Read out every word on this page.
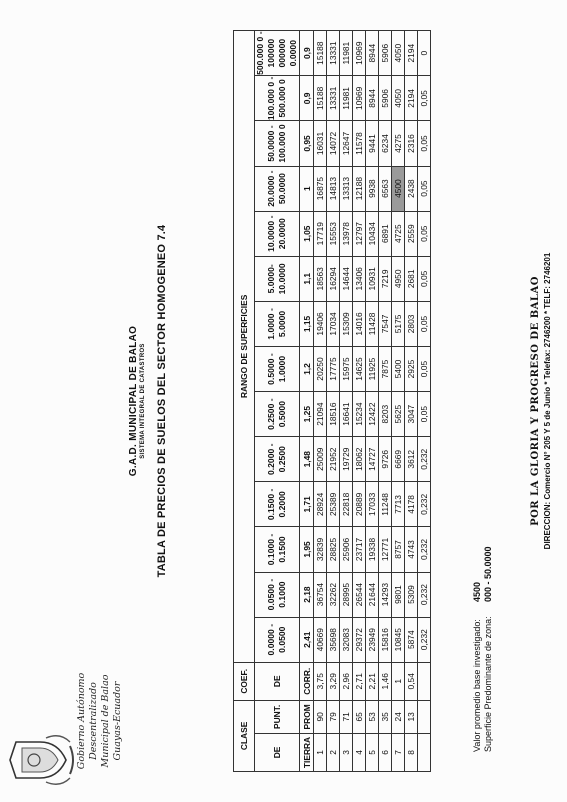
Gobierno Autónomo Descentralizado Municipal de Balao Guayas-Ecuador
G.A.D. MUNICIPAL DE BALAO SISTEMA INTEGRAL DE CATASTROS TABLA DE PRECIOS DE SUELOS DEL SECTOR HOMOGENEO 7.4
CLASE		COEF.	RANGO DE SUPERFICIES													
DE	PUNT.	DE	0.0000 - 0.0500	0.0500 - 0.1000	0.1000 - 0.1500	0.1500 - 0.2000	0.2000 - 0.2500	0.2500 - 0.5000	0.5000 - 1.0000	1.0000 - 5.0000	5.0000- 10.0000	10.0000 - 20.0000	20.0000 - 50.0000	50.0000 - 100.000 0	100.000 0 - 500.000 0	500.000 0 - 100000 000000 0.0000
TIERRA	PROM	CORR.	2,41	2,18	1,95	1,71	1,48	1,25	1,2	1,15	1,1	1,05	1	0,95	0,9	0,9
1	90	3,75	40669	36754	32839	28924	25009	21094	20250	19406	18563	17719	16875	16031	15188	15188
2	79	3,29	35698	32262	28825	25389	21952	18516	17775	17034	16294	15553	14813	14072	13331	13331
3	71	2,96	32083	28995	25906	22818	19729	16641	15975	15309	14644	13978	13313	12647	11981	11981
4	65	2,71	29372	26544	23717	20889	18062	15234	14625	14016	13406	12797	12188	11578	10969	10969
5	53	2,21	23949	21644	19338	17033	14727	12422	11925	11428	10931	10434	9938	9441	8944	8944
6	35	1,46	15816	14293	12771	11248	9726	8203	7875	7547	7219	6891	6563	6234	5906	5906
7	24	1	10845	9801	8757	7713	6669	5625	5400	5175	4950	4725	4500	4275	4050	4050
8	13	0,54	5874	5309	4743	4178	3612	3047	2925	2803	2681	2559	2438	2316	2194	2194
			0,232	0,232	0,232	0,232	0,232	0,05	0,05	0,05	0,05	0,05	0,05	0,05	0,05	0
Valor promedio base investigado:4500
Superficie Predominante de zona:000 - 50.0000
POR LA GLORIA Y PROGRESO DE BALAO DIRECCION: Comercio N° 205 Y 5 de Junio * Telefax: 2746200 * TELF: 2746201
